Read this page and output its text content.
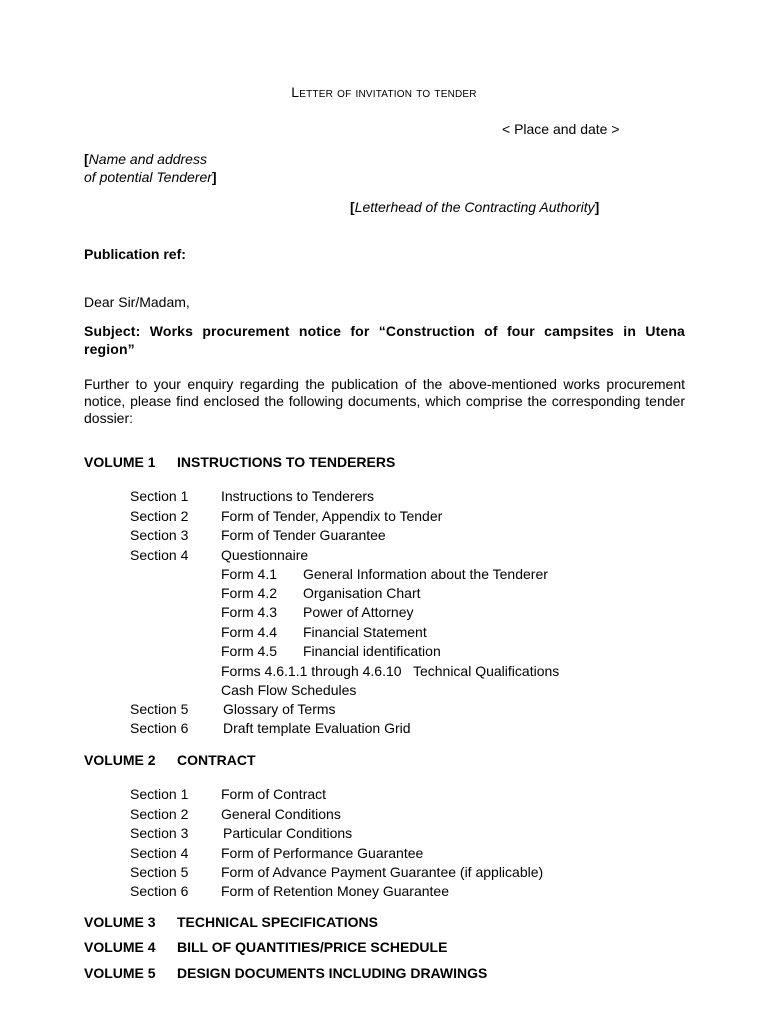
Letter of invitation to tender
< Place and date >
[Name and address
of potential Tenderer]
[Letterhead of the Contracting Authority]
Publication ref:
Dear Sir/Madam,
Subject: Works procurement notice for “Construction of four campsites in Utena region”
Further to your enquiry regarding the publication of the above-mentioned works procurement notice, please find enclosed the following documents, which comprise the corresponding tender dossier:
VOLUME 1 INSTRUCTIONS TO TENDERERS
Section 1 Instructions to Tenderers
Section 2 Form of Tender, Appendix to Tender
Section 3 Form of Tender Guarantee
Section 4 Questionnaire
Form 4.1 General Information about the Tenderer
Form 4.2 Organisation Chart
Form 4.3 Power of Attorney
Form 4.4 Financial Statement
Form 4.5 Financial identification
Forms 4.6.1.1 through 4.6.10   Technical Qualifications
Cash Flow Schedules
Section 5 Glossary of Terms
Section 6 Draft template Evaluation Grid
VOLUME 2 CONTRACT
Section 1 Form of Contract
Section 2 General Conditions
Section 3 Particular Conditions
Section 4 Form of Performance Guarantee
Section 5 Form of Advance Payment Guarantee (if applicable)
Section 6 Form of Retention Money Guarantee
VOLUME 3 TECHNICAL SPECIFICATIONS
VOLUME 4 BILL OF QUANTITIES/PRICE SCHEDULE
VOLUME 5 DESIGN DOCUMENTS INCLUDING DRAWINGS
